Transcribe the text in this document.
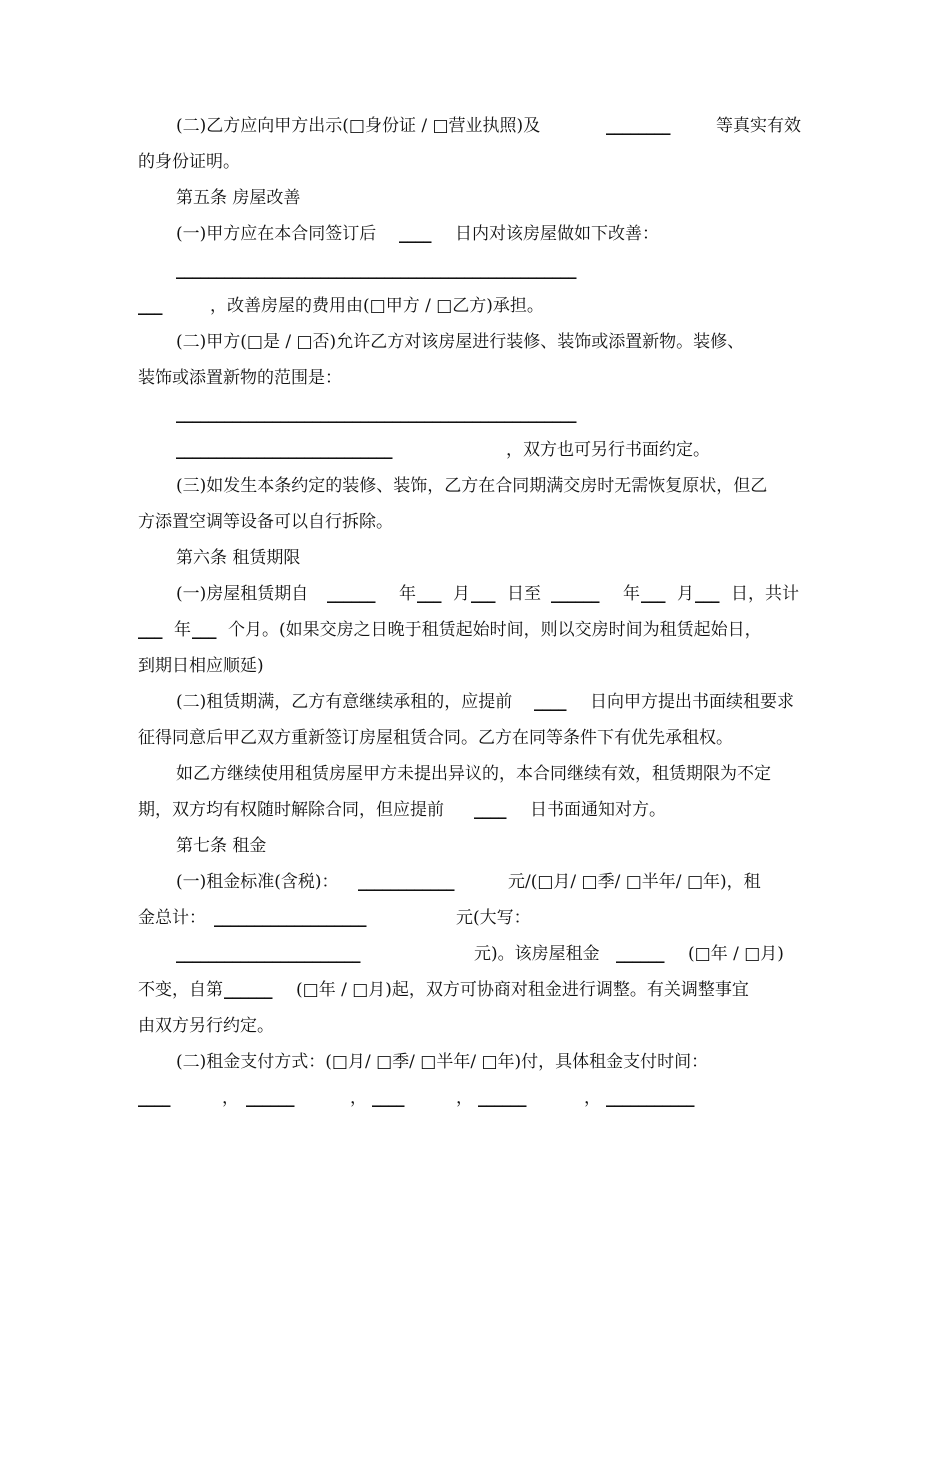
(二)乙方应向甲方出示(□身份证 / □营业执照)及

	________

	等真实有效

的身份证明。

第五条 房屋改善

(一)甲方应在本合同签订后

____

日内对该房屋做如下改善：

__________________________________________________

___

	，改善房屋的费用由(□甲方 / □乙方)承担。

(二)甲方(□是 / □否)允许乙方对该房屋进行装修、装饰或添置新物。装修、

装饰或添置新物的范围是：

__________________________________________________

___________________________

	，双方也可另行书面约定。

(三)如发生本条约定的装修、装饰，乙方在合同期满交房时无需恢复原状，但乙

方添置空调等设备可以自行拆除。

第六条 租赁期限

(一)房屋租赁期自

______

年

___

月

___

日至

______

年

___

月

___

日，共计

___

年

___

个月。(如果交房之日晚于租赁起始时间，则以交房时间为租赁起始日，

到期日相应顺延)

(二)租赁期满，乙方有意继续承租的，应提前

____

日向甲方提出书面续租要求

征得同意后甲乙双方重新签订房屋租赁合同。乙方在同等条件下有优先承租权。

如乙方继续使用租赁房屋甲方未提出异议的，本合同继续有效，租赁期限为不定

期，双方均有权随时解除合同，但应提前

____

日书面通知对方。

第七条 租金

(一)租金标准(含税)：

____________

	元/(□月/ □季/ □半年/ □年)，租

金总计：

___________________

	元(大写：

_______________________

	元)。该房屋租金

______

(□年 / □月)

不变，自第

______

(□年 / □月)起，双方可协商对租金进行调整。有关调整事宜

由双方另行约定。

(二)租金支付方式：(□月/ □季/ □半年/ □年)付，具体租金支付时间：

____

	，

______

	，

____

	，

______

	，

___________
